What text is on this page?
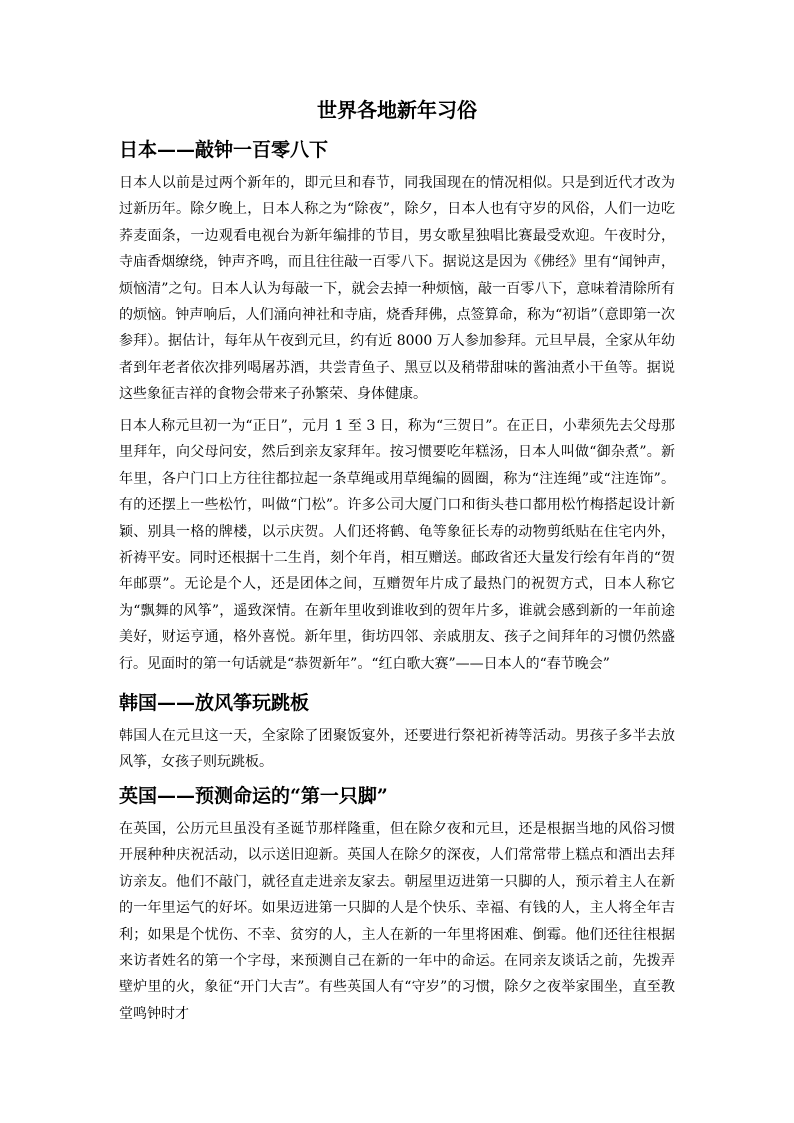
世界各地新年习俗
日本——敲钟一百零八下

日本人以前是过两个新年的，即元旦和春节，同我国现在的情况相似。只是到近代才改为过新历年。除夕晚上，日本人称之为“除夜”，除夕，日本人也有守岁的风俗，人们一边吃荞麦面条，一边观看电视台为新年编排的节目，男女歌星独唱比赛最受欢迎。午夜时分，寺庙香烟缭绕，钟声齐鸣，而且往往敲一百零八下。据说这是因为《佛经》里有“闻钟声，烦恼清”之句。日本人认为每敲一下，就会去掉一种烦恼，敲一百零八下，意味着清除所有的烦恼。钟声响后，人们涌向神社和寺庙，烧香拜佛，点签算命，称为“初诣”（意即第一次参拜）。据估计，每年从午夜到元旦，约有近 8000 万人参加参拜。元旦早晨，全家从年幼者到年老者依次排列喝屠苏酒，共尝青鱼子、黑豆以及稍带甜味的酱油煮小干鱼等。据说这些象征吉祥的食物会带来子孙繁荣、身体健康。

日本人称元旦初一为“正日”，元月 1 至 3 日，称为“三贺日”。在正日，小辈须先去父母那里拜年，向父母问安，然后到亲友家拜年。按习惯要吃年糕汤，日本人叫做“御杂煮”。新年里，各户门口上方往往都拉起一条草绳或用草绳编的圆圈，称为“注连绳”或“注连饰”。有的还摆上一些松竹，叫做“门松”。许多公司大厦门口和街头巷口都用松竹梅搭起设计新颖、别具一格的牌楼，以示庆贺。人们还将鹤、龟等象征长寿的动物剪纸贴在住宅内外，祈祷平安。同时还根据十二生肖，刻个年肖，相互赠送。邮政省还大量发行绘有年肖的“贺年邮票”。无论是个人，还是团体之间，互赠贺年片成了最热门的祝贺方式，日本人称它为“飘舞的风筝”，遥致深情。在新年里收到谁收到的贺年片多，谁就会感到新的一年前途美好，财运亨通，格外喜悦。新年里，街坊四邻、亲戚朋友、孩子之间拜年的习惯仍然盛行。见面时的第一句话就是“恭贺新年”。“红白歌大赛”——日本人的“春节晚会”

韩国——放风筝玩跳板

韩国人在元旦这一天，全家除了团聚饭宴外，还要进行祭祀祈祷等活动。男孩子多半去放风筝，女孩子则玩跳板。

英国——预测命运的“第一只脚”

在英国，公历元旦虽没有圣诞节那样隆重，但在除夕夜和元旦，还是根据当地的风俗习惯开展种种庆祝活动，以示送旧迎新。英国人在除夕的深夜，人们常常带上糕点和酒出去拜访亲友。他们不敲门，就径直走进亲友家去。朝屋里迈进第一只脚的人，预示着主人在新的一年里运气的好坏。如果迈进第一只脚的人是个快乐、幸福、有钱的人，主人将全年吉利；如果是个忧伤、不幸、贫穷的人，主人在新的一年里将困难、倒霉。他们还往往根据来访者姓名的第一个字母，来预测自己在新的一年中的命运。在同亲友谈话之前，先拨弄壁炉里的火，象征“开门大吉”。有些英国人有“守岁”的习惯，除夕之夜举家围坐，直至教堂鸣钟时才
